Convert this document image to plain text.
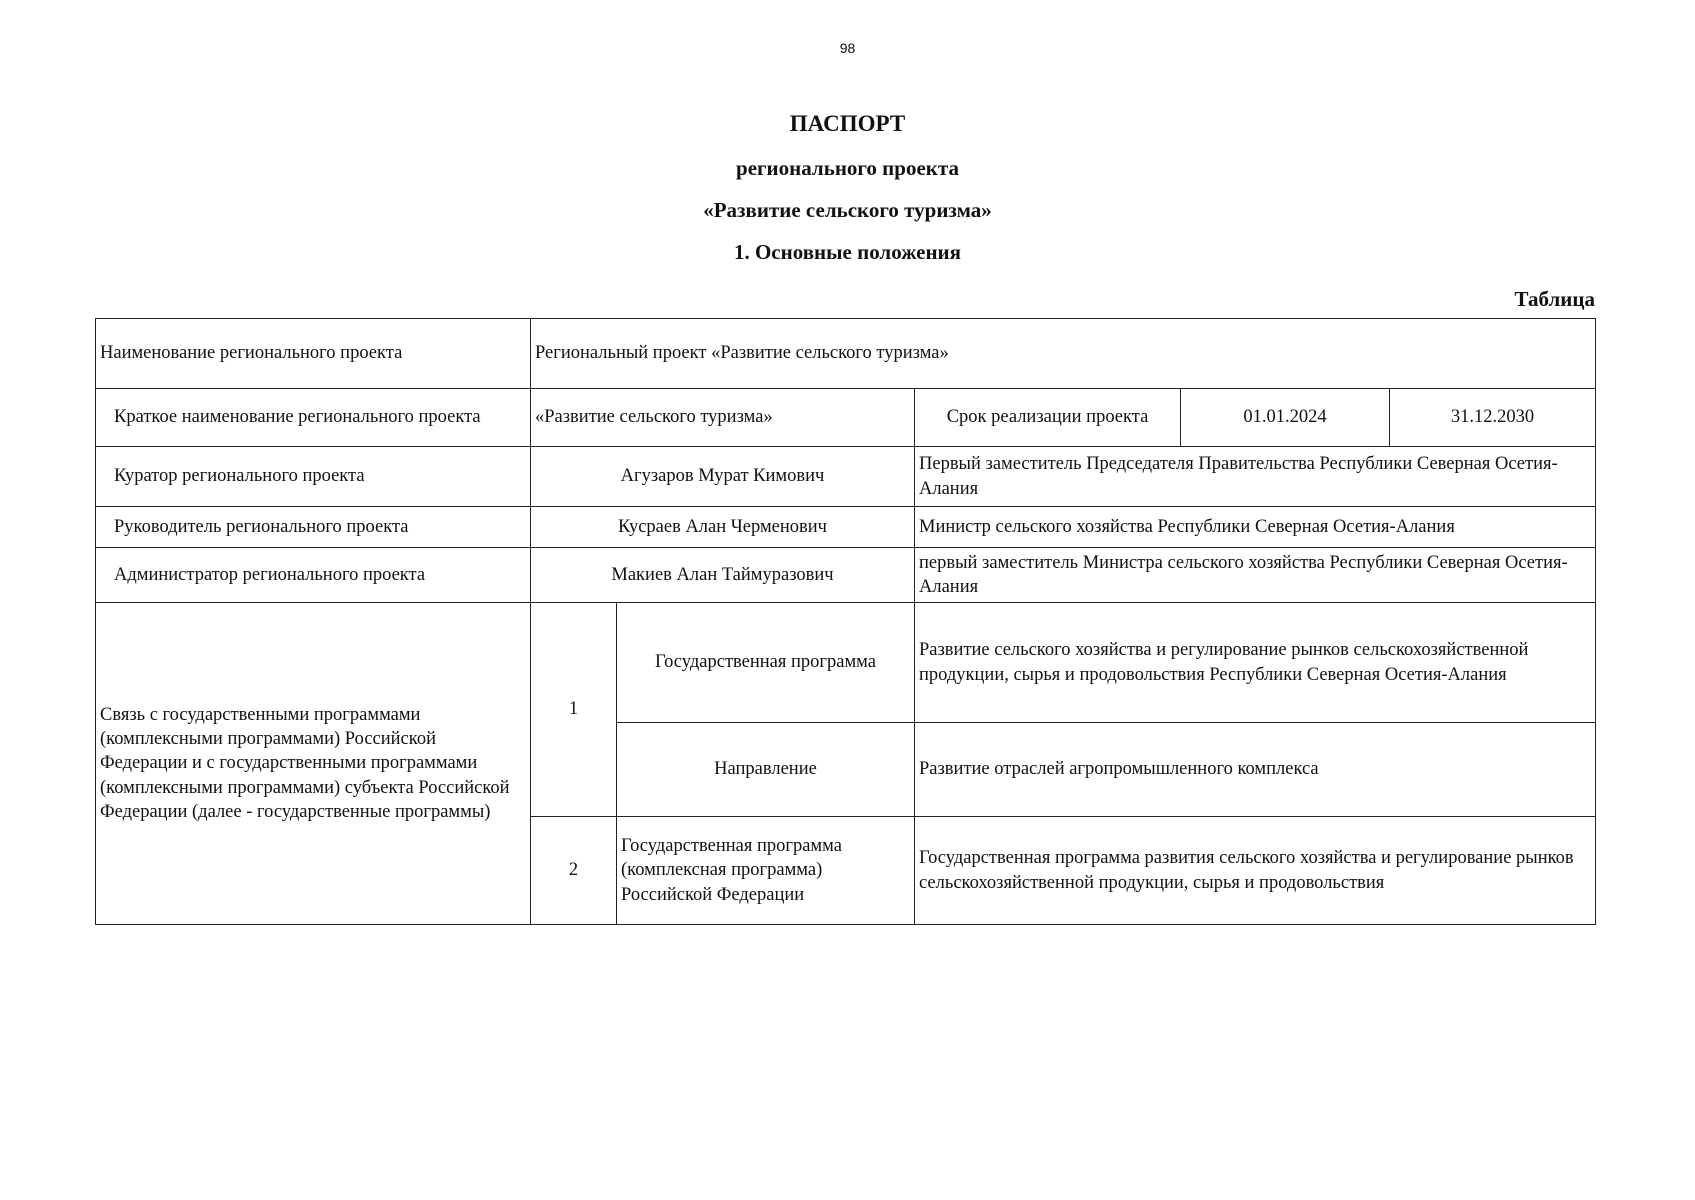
98
ПАСПОРТ
регионального проекта
«Развитие сельского туризма»
1. Основные положения
Таблица
Наименование регионального проекта	Региональный проект «Развитие сельского туризма»				
Краткое наименование регионального проекта	«Развитие сельского туризма»		Срок реализации проекта	01.01.2024	31.12.2030
Куратор регионального проекта	Агузаров Мурат Кимович		Первый заместитель Председателя Правительства Республики Северная Осетия-Алания		
Руководитель регионального проекта	Кусраев Алан Черменович		Министр сельского хозяйства Республики Северная Осетия-Алания		
Администратор регионального проекта	Макиев Алан Таймуразович		первый заместитель Министра сельского хозяйства Республики Северная Осетия-Алания		
Связь с государственными программами (комплексными программами) Российской Федерации и с государственными программами (комплексными программами) субъекта Российской Федерации (далее - государственные программы)	1	Государственная программа	Развитие сельского хозяйства и регулирование рынков сельскохозяйственной продукции, сырья и продовольствия Республики Северная Осетия-Алания		
		Направление	Развитие отраслей агропромышленного комплекса		
	2	Государственная программа (комплексная программа) Российской Федерации	Государственная программа развития сельского хозяйства и регулирование рынков сельскохозяйственной продукции, сырья и продовольствия		
